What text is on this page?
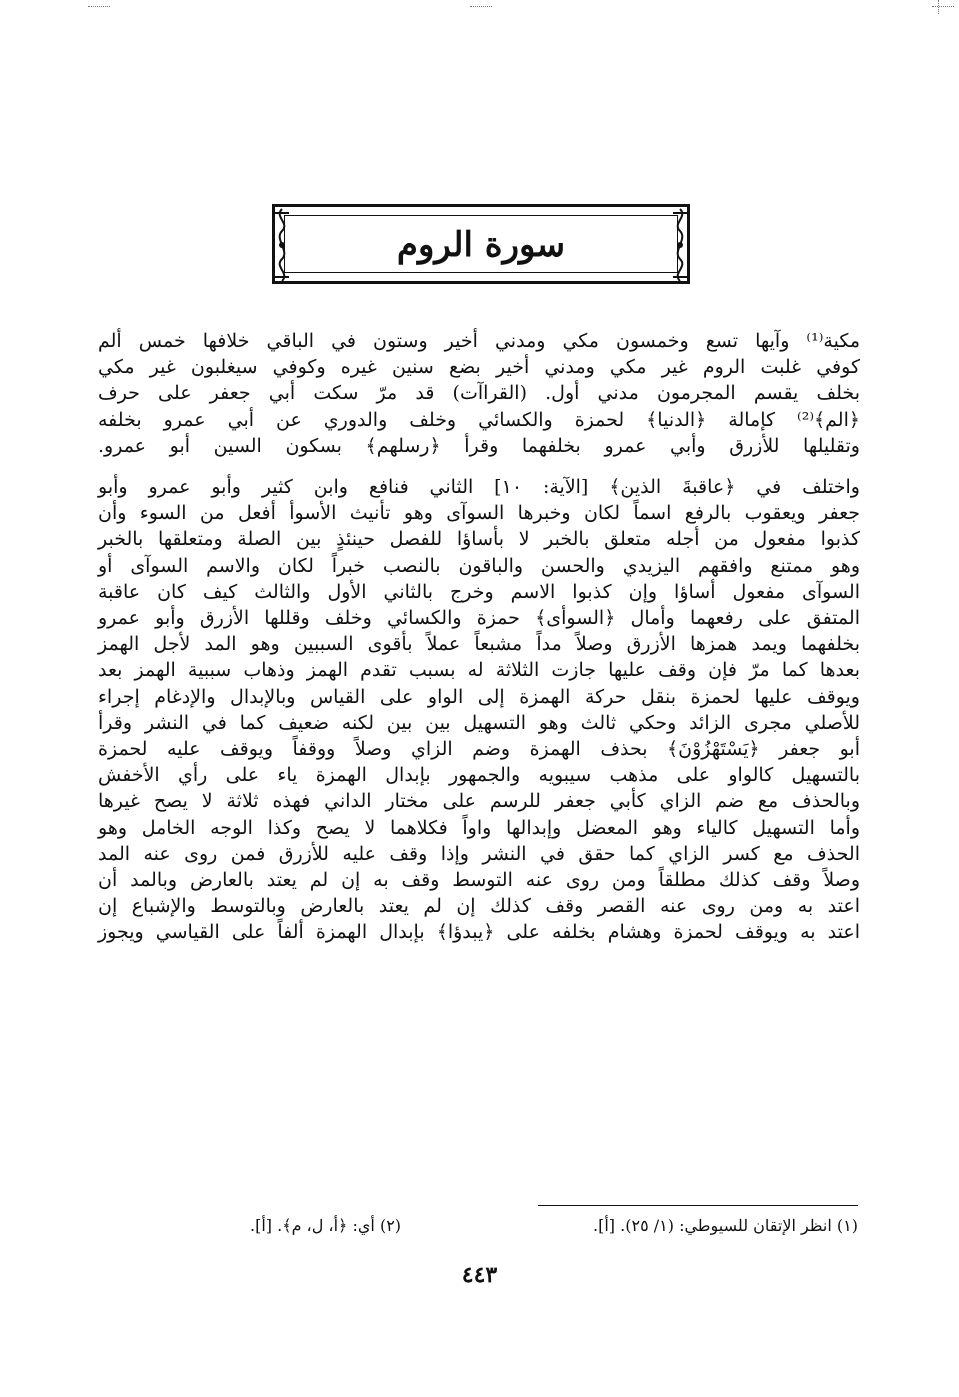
سورة الروم
مكية⁽¹⁾ وآيها تسع وخمسون مكي ومدني أخير وستون في الباقي خلافها خمس ألم
كوفي غلبت الروم غير مكي ومدني أخير بضع سنين غيره وكوفي سيغلبون غير مكي
بخلف يقسم المجرمون مدني أول. (القراآت) قد مرّ سكت أبي جعفر على حرف
﴿الم﴾⁽²⁾ كإمالة ﴿الدنيا﴾ لحمزة والكسائي وخلف والدوري عن أبي عمرو بخلفه
وتقليلها للأزرق وأبي عمرو بخلفهما وقرأ ﴿رسلهم﴾ بسكون السين أبو عمرو.
واختلف في ﴿عاقبةَ الذين﴾ [الآية: ١٠] الثاني فنافع وابن كثير وأبو عمرو وأبو
جعفر ويعقوب بالرفع اسماً لكان وخبرها السوآى وهو تأنيث الأسوأ أفعل من السوء وأن
كذبوا مفعول من أجله متعلق بالخبر لا بأساؤا للفصل حينئذٍ بين الصلة ومتعلقها بالخبر
وهو ممتنع وافقهم اليزيدي والحسن والباقون بالنصب خبراً لكان والاسم السوآى أو
السوآى مفعول أساؤا وإن كذبوا الاسم وخرج بالثاني الأول والثالث كيف كان عاقبة
المتفق على رفعهما وأمال ﴿السوأى﴾ حمزة والكسائي وخلف وقللها الأزرق وأبو عمرو
بخلفهما ويمد همزها الأزرق وصلاً مداً مشبعاً عملاً بأقوى السببين وهو المد لأجل الهمز
بعدها كما مرّ فإن وقف عليها جازت الثلاثة له بسبب تقدم الهمز وذهاب سببية الهمز بعد
ويوقف عليها لحمزة بنقل حركة الهمزة إلى الواو على القياس وبالإبدال والإدغام إجراء
للأصلي مجرى الزائد وحكي ثالث وهو التسهيل بين بين لكنه ضعيف كما في النشر وقرأ
أبو جعفر ﴿يَسْتَهْزُوْنَ﴾ بحذف الهمزة وضم الزاي وصلاً ووقفاً ويوقف عليه لحمزة
بالتسهيل كالواو على مذهب سيبويه والجمهور بإبدال الهمزة ياء على رأي الأخفش
وبالحذف مع ضم الزاي كأبي جعفر للرسم على مختار الداني فهذه ثلاثة لا يصح غيرها
وأما التسهيل كالياء وهو المعضل وإبدالها واواً فكلاهما لا يصح وكذا الوجه الخامل وهو
الحذف مع كسر الزاي كما حقق في النشر وإذا وقف عليه للأزرق فمن روى عنه المد
وصلاً وقف كذلك مطلقاً ومن روى عنه التوسط وقف به إن لم يعتد بالعارض وبالمد أن
اعتد به ومن روى عنه القصر وقف كذلك إن لم يعتد بالعارض وبالتوسط والإشباع إن
اعتد به ويوقف لحمزة وهشام بخلفه على ﴿يبدؤا﴾ بإبدال الهمزة ألفاً على القياسي ويجوز
(١) انظر الإتقان للسيوطي: (١/ ٢٥). [أ].
(٢) أي: ﴿أ، ل، م﴾. [أ].
٤٤٣
